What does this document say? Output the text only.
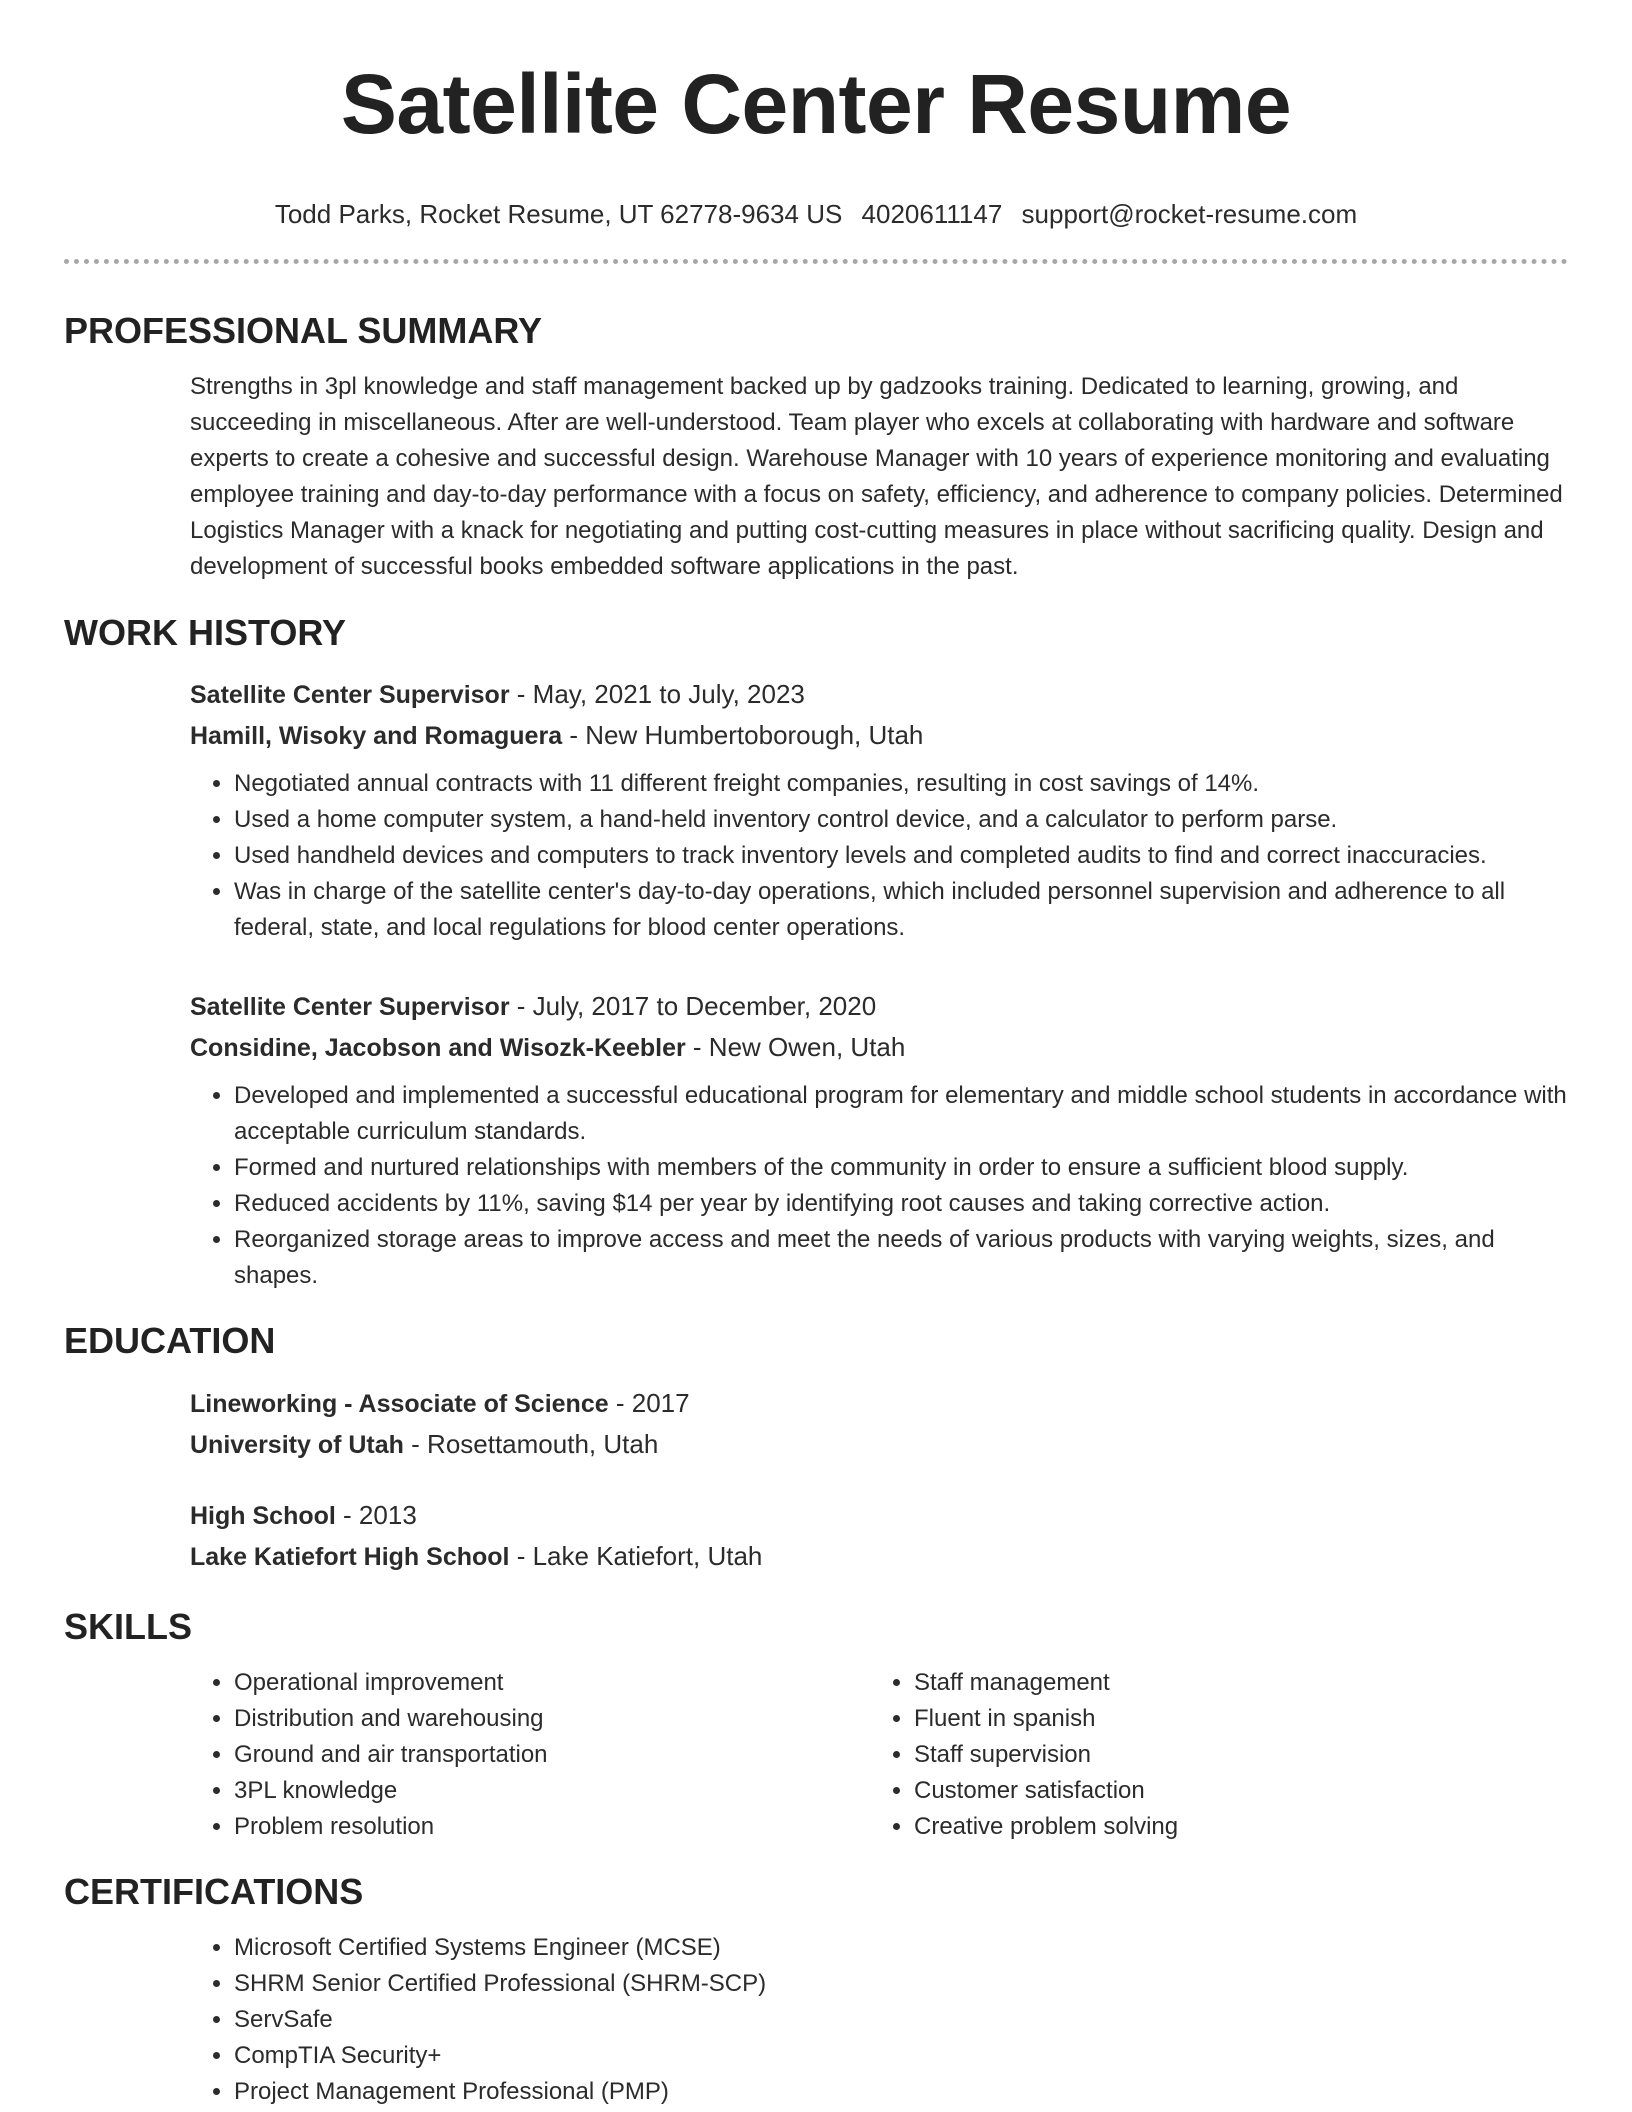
Satellite Center Resume
Todd Parks, Rocket Resume, UT 62778-9634 US 4020611147 support@rocket-resume.com
PROFESSIONAL SUMMARY

Strengths in 3pl knowledge and staff management backed up by gadzooks training. Dedicated to learning, growing, and succeeding in miscellaneous. After are well-understood. Team player who excels at collaborating with hardware and software experts to create a cohesive and successful design. Warehouse Manager with 10 years of experience monitoring and evaluating employee training and day-to-day performance with a focus on safety, efficiency, and adherence to company policies. Determined Logistics Manager with a knack for negotiating and putting cost-cutting measures in place without sacrificing quality. Design and development of successful books embedded software applications in the past.

WORK HISTORY
Satellite Center Supervisor - May, 2021 to July, 2023
Hamill, Wisoky and Romaguera - New Humbertoborough, Utah
• Negotiated annual contracts with 11 different freight companies, resulting in cost savings of 14%.
• Used a home computer system, a hand-held inventory control device, and a calculator to perform parse.
• Used handheld devices and computers to track inventory levels and completed audits to find and correct inaccuracies.
• Was in charge of the satellite center's day-to-day operations, which included personnel supervision and adherence to all federal, state, and local regulations for blood center operations.
Satellite Center Supervisor - July, 2017 to December, 2020
Considine, Jacobson and Wisozk-Keebler - New Owen, Utah
• Developed and implemented a successful educational program for elementary and middle school students in accordance with acceptable curriculum standards.
• Formed and nurtured relationships with members of the community in order to ensure a sufficient blood supply.
• Reduced accidents by 11%, saving $14 per year by identifying root causes and taking corrective action.
• Reorganized storage areas to improve access and meet the needs of various products with varying weights, sizes, and shapes.
EDUCATION
Lineworking - Associate of Science - 2017
University of Utah - Rosettamouth, Utah
High School - 2013
Lake Katiefort High School - Lake Katiefort, Utah
SKILLS
• Operational improvement
• Distribution and warehousing
• Ground and air transportation
• 3PL knowledge
• Problem resolution
• Staff management
• Fluent in spanish
• Staff supervision
• Customer satisfaction
• Creative problem solving
CERTIFICATIONS
• Microsoft Certified Systems Engineer (MCSE)
• SHRM Senior Certified Professional (SHRM-SCP)
• ServSafe
• CompTIA Security+
• Project Management Professional (PMP)
